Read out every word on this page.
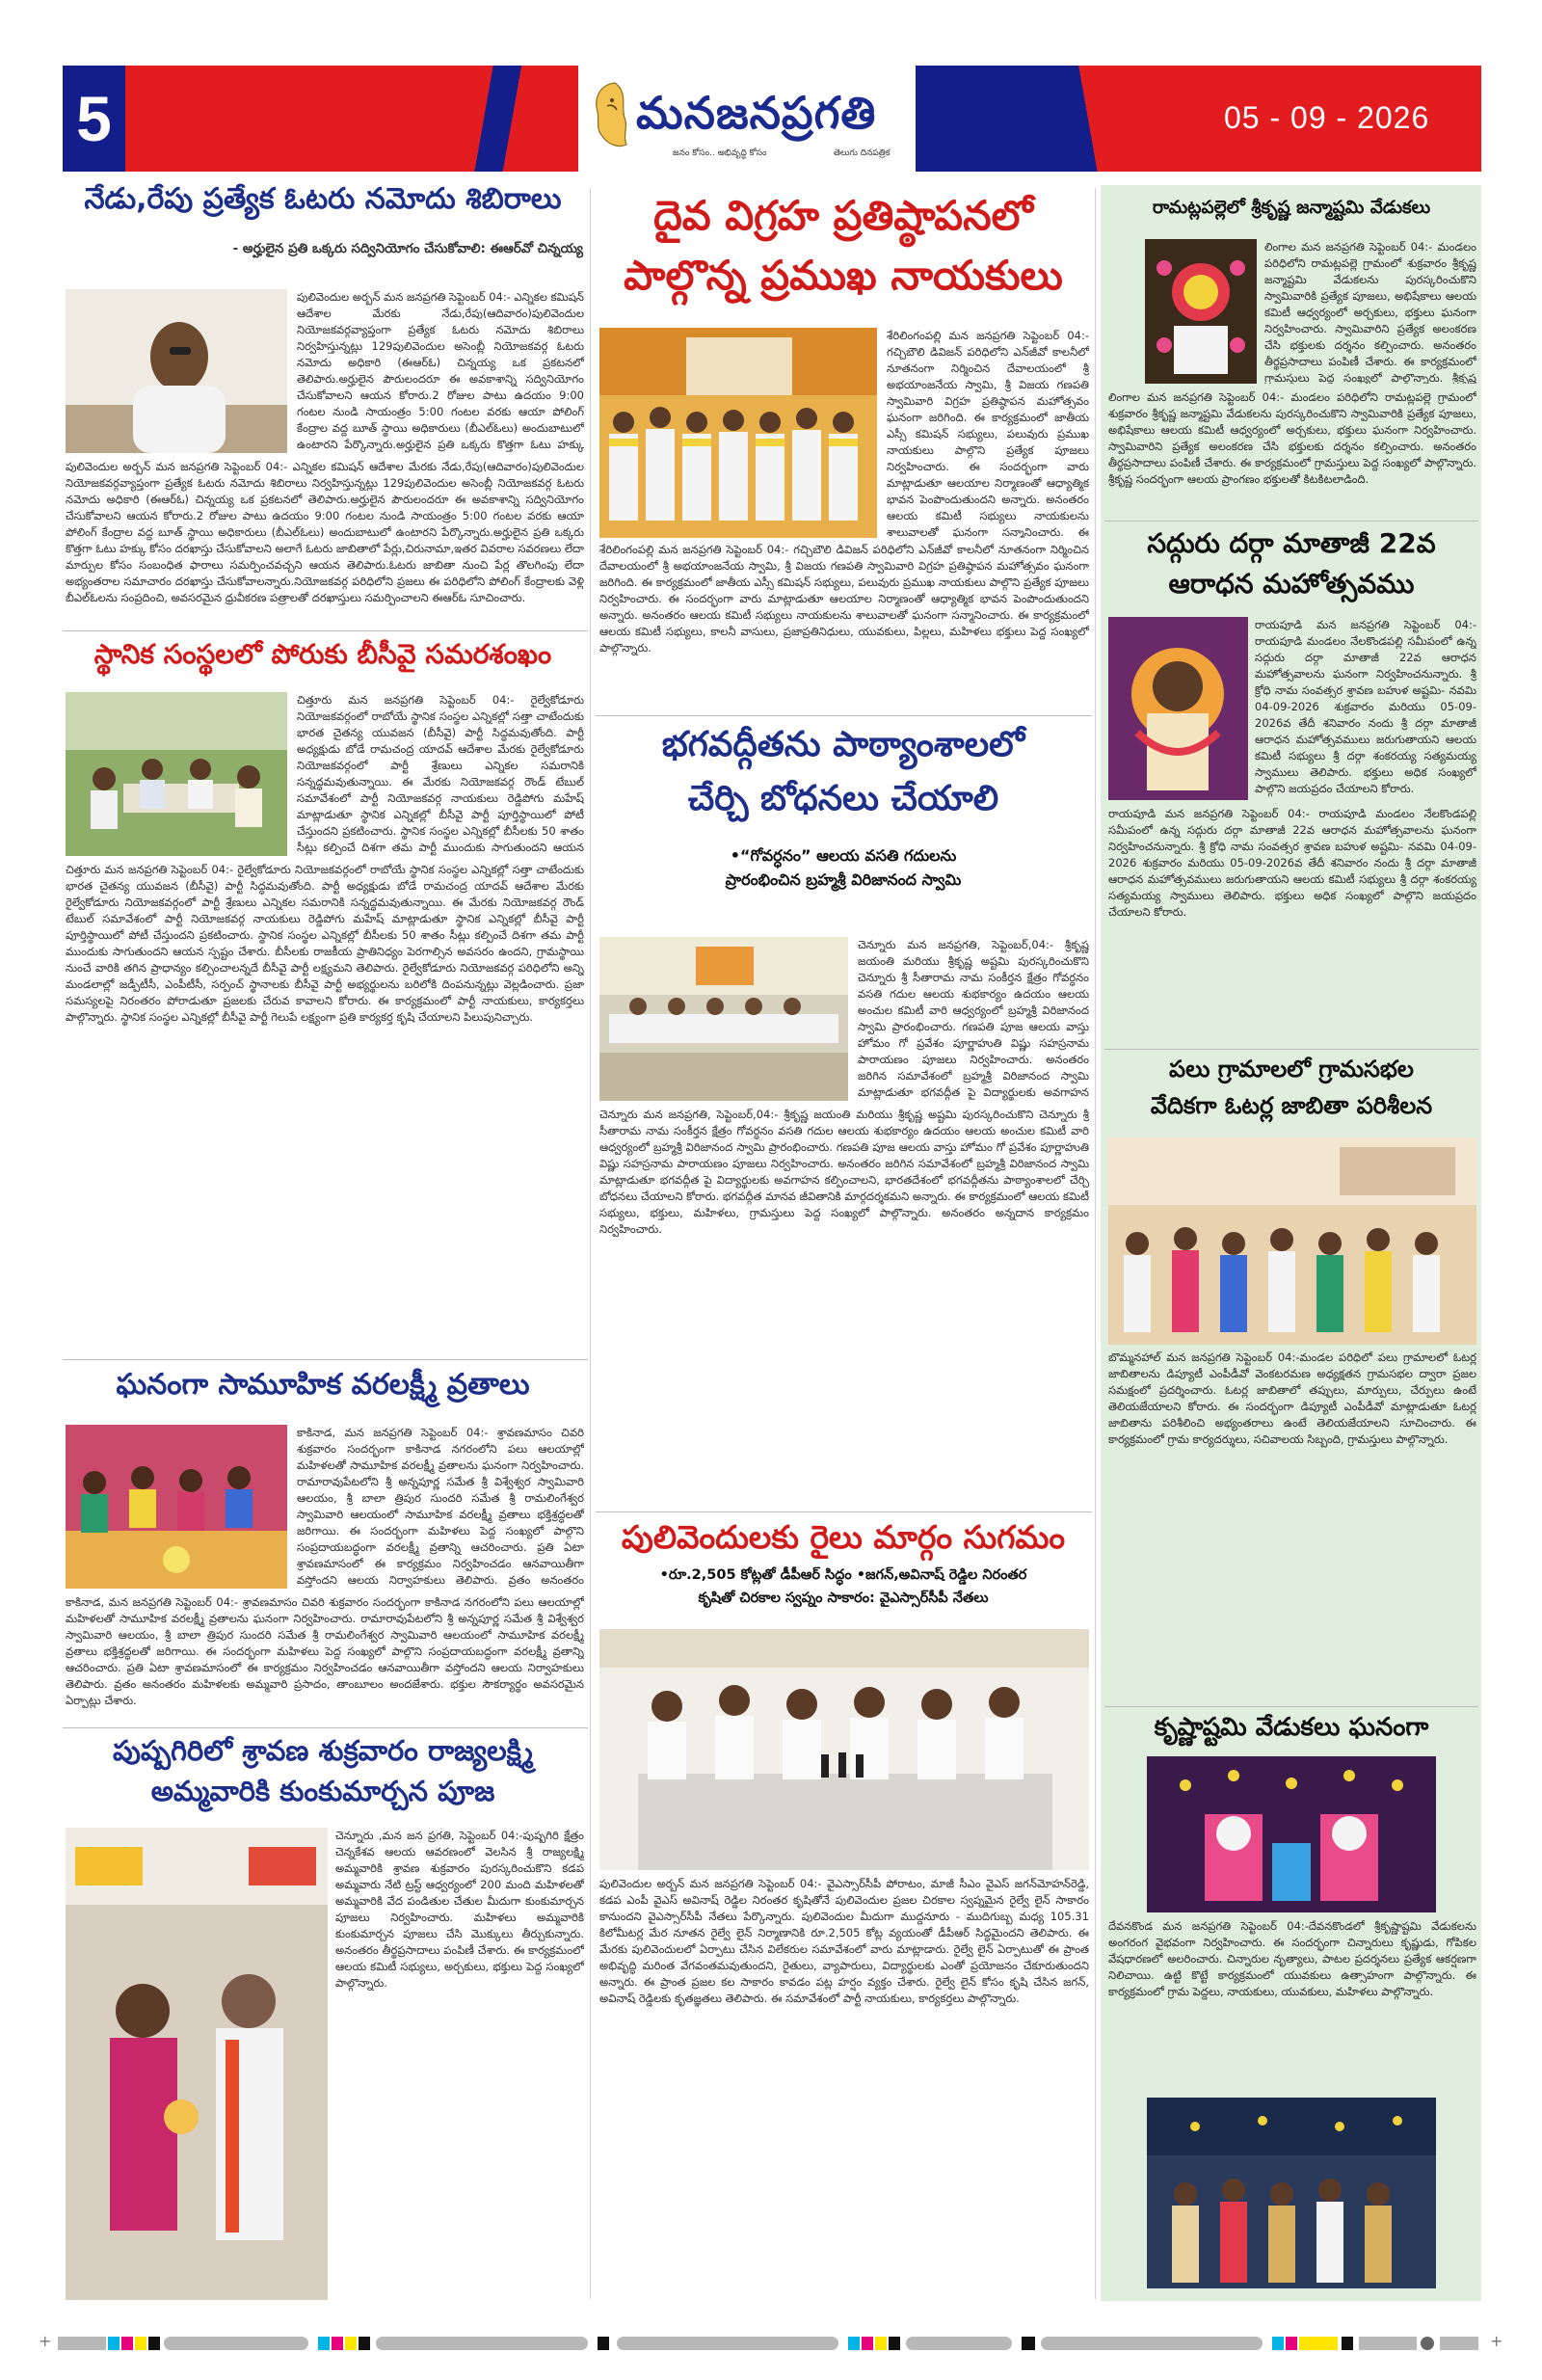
5	మనజనప్రగతి
జనం కోసం.. అభివృద్ధి కోసం	తెలుగు దినపత్రిక
05 - 09 - 2026
నేడు,రేపు ప్రత్యేక ఓటరు నమోదు శిబిరాలు
- అర్హులైన ప్రతి ఒక్కరు సద్వినియోగం చేసుకోవాలి: ఈఆర్‌వో చిన్నయ్య
పులివెందుల అర్బన్ మన జనప్రగతి సెప్టెంబర్ 04:- ఎన్నికల కమిషన్ ఆదేశాల మేరకు నేడు,రేపు(ఆదివారం)పులివెందుల నియోజకవర్గవ్యాప్తంగా ప్రత్యేక ఓటరు నమోదు శిబిరాలు నిర్వహిస్తున్నట్లు 129పులివెందుల అసెంబ్లీ నియోజకవర్గ ఓటరు నమోదు అధికారి (ఈఆర్‌ఓ) చిన్నయ్య ఒక ప్రకటనలో తెలిపారు.అర్హులైన పౌరులందరూ ఈ అవకాశాన్ని సద్వినియోగం చేసుకోవాలని ఆయన కోరారు.2 రోజుల పాటు ఉదయం 9:00 గంటల నుండి సాయంత్రం 5:00 గంటల వరకు ఆయా పోలింగ్ కేంద్రాల వద్ద బూత్ స్థాయి అధికారులు (బీఎల్‌ఓలు) అందుబాటులో ఉంటారని పేర్కొన్నారు.అర్హులైన ప్రతి ఒక్కరు కొత్తగా ఓటు హక్కు
పులివెందుల అర్బన్ మన జనప్రగతి సెప్టెంబర్ 04:- ఎన్నికల కమిషన్ ఆదేశాల మేరకు నేడు,రేపు(ఆదివారం)పులివెందుల నియోజకవర్గవ్యాప్తంగా ప్రత్యేక ఓటరు నమోదు శిబిరాలు నిర్వహిస్తున్నట్లు 129పులివెందుల అసెంబ్లీ నియోజకవర్గ ఓటరు నమోదు అధికారి (ఈఆర్‌ఓ) చిన్నయ్య ఒక ప్రకటనలో తెలిపారు.అర్హులైన పౌరులందరూ ఈ అవకాశాన్ని సద్వినియోగం చేసుకోవాలని ఆయన కోరారు.2 రోజుల పాటు ఉదయం 9:00 గంటల నుండి సాయంత్రం 5:00 గంటల వరకు ఆయా పోలింగ్ కేంద్రాల వద్ద బూత్ స్థాయి అధికారులు (బీఎల్‌ఓలు) అందుబాటులో ఉంటారని పేర్కొన్నారు.అర్హులైన ప్రతి ఒక్కరు కొత్తగా ఓటు హక్కు కోసం దరఖాస్తు చేసుకోవాలని అలాగే ఓటరు జాబితాలో పేర్లు,చిరునామా,ఇతర వివరాల సవరణలు లేదా మార్పుల కోసం సంబంధిత ఫారాలు సమర్పించవచ్చని ఆయన తెలిపారు.ఓటరు జాబితా నుంచి పేర్ల తొలగింపు లేదా అభ్యంతరాల సమాచారం దరఖాస్తు చేసుకోవాలన్నారు.నియోజకవర్గ పరిధిలోని ప్రజలు ఈ పరిధిలోని పోలింగ్ కేంద్రాలకు వెళ్లి బీఎల్‌ఓలను సంప్రదించి, అవసరమైన ధ్రువీకరణ పత్రాలతో దరఖాస్తులు సమర్పించాలని ఈఆర్‌ఓ సూచించారు.
స్థానిక సంస్థలలో పోరుకు బీసీవై సమరశంఖం
చిత్తూరు మన జనప్రగతి సెప్టెంబర్ 04:- రైల్వేకోడూరు నియోజకవర్గంలో రాబోయే స్థానిక సంస్థల ఎన్నికల్లో సత్తా చాటేందుకు భారత చైతన్య యువజన (బీసీవై) పార్టీ సిద్ధమవుతోంది. పార్టీ అధ్యక్షుడు బోడే రామచంద్ర యాదవ్ ఆదేశాల మేరకు రైల్వేకోడూరు నియోజకవర్గంలో పార్టీ శ్రేణులు ఎన్నికల సమరానికి సన్నద్ధమవుతున్నాయి. ఈ మేరకు నియోజకవర్గ రౌండ్ టేబుల్ సమావేశంలో పార్టీ నియోజకవర్గ నాయకులు రెడ్డిపోగు మహేష్ మాట్లాడుతూ స్థానిక ఎన్నికల్లో బీసీవై పార్టీ పూర్తిస్థాయిలో పోటీ చేస్తుందని ప్రకటించారు. స్థానిక సంస్థల ఎన్నికల్లో బీసీలకు 50 శాతం సీట్లు కల్పించే దిశగా తమ పార్టీ ముందుకు సాగుతుందని ఆయన
చిత్తూరు మన జనప్రగతి సెప్టెంబర్ 04:- రైల్వేకోడూరు నియోజకవర్గంలో రాబోయే స్థానిక సంస్థల ఎన్నికల్లో సత్తా చాటేందుకు భారత చైతన్య యువజన (బీసీవై) పార్టీ సిద్ధమవుతోంది. పార్టీ అధ్యక్షుడు బోడే రామచంద్ర యాదవ్ ఆదేశాల మేరకు రైల్వేకోడూరు నియోజకవర్గంలో పార్టీ శ్రేణులు ఎన్నికల సమరానికి సన్నద్ధమవుతున్నాయి. ఈ మేరకు నియోజకవర్గ రౌండ్ టేబుల్ సమావేశంలో పార్టీ నియోజకవర్గ నాయకులు రెడ్డిపోగు మహేష్ మాట్లాడుతూ స్థానిక ఎన్నికల్లో బీసీవై పార్టీ పూర్తిస్థాయిలో పోటీ చేస్తుందని ప్రకటించారు. స్థానిక సంస్థల ఎన్నికల్లో బీసీలకు 50 శాతం సీట్లు కల్పించే దిశగా తమ పార్టీ ముందుకు సాగుతుందని ఆయన స్పష్టం చేశారు. బీసీలకు రాజకీయ ప్రాతినిధ్యం పెరగాల్సిన అవసరం ఉందని, గ్రామస్థాయి నుంచే వారికి తగిన ప్రాధాన్యం కల్పించాలన్నదే బీసీవై పార్టీ లక్ష్యమని తెలిపారు. రైల్వేకోడూరు నియోజకవర్గ పరిధిలోని అన్ని మండలాల్లో జడ్పీటీసీ, ఎంపీటీసీ, సర్పంచ్ స్థానాలకు బీసీవై పార్టీ అభ్యర్థులను బరిలోకి దింపనున్నట్లు వెల్లడించారు. ప్రజా సమస్యలపై నిరంతరం పోరాడుతూ ప్రజలకు చేరువ కావాలని కోరారు. ఈ కార్యక్రమంలో పార్టీ నాయకులు, కార్యకర్తలు పాల్గొన్నారు. స్థానిక సంస్థల ఎన్నికల్లో బీసీవై పార్టీ గెలుపే లక్ష్యంగా ప్రతి కార్యకర్త కృషి చేయాలని పిలుపునిచ్చారు.
ఘనంగా సామూహిక వరలక్ష్మీ వ్రతాలు
కాకినాడ, మన జనప్రగతి సెప్టెంబర్ 04:- శ్రావణమాసం చివరి శుక్రవారం సందర్భంగా కాకినాడ నగరంలోని పలు ఆలయాల్లో మహిళలతో సామూహిక వరలక్ష్మీ వ్రతాలను ఘనంగా నిర్వహించారు. రామారావుపేటలోని శ్రీ అన్నపూర్ణ సమేత శ్రీ విశ్వేశ్వర స్వామివారి ఆలయం, శ్రీ బాలా త్రిపుర సుందరి సమేత శ్రీ రామలింగేశ్వర స్వామివారి ఆలయంలో సామూహిక వరలక్ష్మీ వ్రతాలు భక్తిశ్రద్ధలతో జరిగాయి. ఈ సందర్భంగా మహిళలు పెద్ద సంఖ్యలో పాల్గొని సంప్రదాయబద్ధంగా వరలక్ష్మీ వ్రతాన్ని ఆచరించారు. ప్రతి ఏటా శ్రావణమాసంలో ఈ కార్యక్రమం నిర్వహించడం ఆనవాయితీగా వస్తోందని ఆలయ నిర్వాహకులు తెలిపారు. వ్రతం అనంతరం
కాకినాడ, మన జనప్రగతి సెప్టెంబర్ 04:- శ్రావణమాసం చివరి శుక్రవారం సందర్భంగా కాకినాడ నగరంలోని పలు ఆలయాల్లో మహిళలతో సామూహిక వరలక్ష్మీ వ్రతాలను ఘనంగా నిర్వహించారు. రామారావుపేటలోని శ్రీ అన్నపూర్ణ సమేత శ్రీ విశ్వేశ్వర స్వామివారి ఆలయం, శ్రీ బాలా త్రిపుర సుందరి సమేత శ్రీ రామలింగేశ్వర స్వామివారి ఆలయంలో సామూహిక వరలక్ష్మీ వ్రతాలు భక్తిశ్రద్ధలతో జరిగాయి. ఈ సందర్భంగా మహిళలు పెద్ద సంఖ్యలో పాల్గొని సంప్రదాయబద్ధంగా వరలక్ష్మీ వ్రతాన్ని ఆచరించారు. ప్రతి ఏటా శ్రావణమాసంలో ఈ కార్యక్రమం నిర్వహించడం ఆనవాయితీగా వస్తోందని ఆలయ నిర్వాహకులు తెలిపారు. వ్రతం అనంతరం మహిళలకు అమ్మవారి ప్రసాదం, తాంబూలం అందజేశారు. భక్తుల సౌకర్యార్థం అవసరమైన ఏర్పాట్లు చేశారు.
పుష్పగిరిలో శ్రావణ శుక్రవారం రాజ్యలక్ష్మి
అమ్మవారికి కుంకుమార్చన పూజ
చెన్నూరు ,మన జన ప్రగతి, సెప్టెంబర్ 04:-పుష్పగిరి క్షేత్రం చెన్నకేశవ ఆలయ ఆవరణంలో వెలసిన శ్రీ రాజ్యలక్ష్మి అమ్మవారికి శ్రావణ శుక్రవారం పురస్కరించుకొని కడప అమ్మవారు నేటి ట్రస్ట్ ఆధ్వర్యంలో 200 మంది మహిళలతో అమ్మవారికి వేద పండితుల చేతుల మీదుగా కుంకుమార్చన పూజలు నిర్వహించారు. మహిళలు అమ్మవారికి కుంకుమార్చన పూజలు చేసి మొక్కులు తీర్చుకున్నారు. అనంతరం తీర్థప్రసాదాలు పంపిణీ చేశారు. ఈ కార్యక్రమంలో ఆలయ కమిటీ సభ్యులు, అర్చకులు, భక్తులు పెద్ద సంఖ్యలో పాల్గొన్నారు.
దైవ విగ్రహ ప్రతిష్ఠాపనలో
పాల్గొన్న ప్రముఖ నాయకులు
శేరిలింగంపల్లి మన జనప్రగతి సెప్టెంబర్ 04:- గచ్చిబౌలి డివిజన్ పరిధిలోని ఎన్‌జీవో కాలనీలో నూతనంగా నిర్మించిన దేవాలయంలో శ్రీ అభయాంజనేయ స్వామి, శ్రీ విజయ గణపతి స్వామివారి విగ్రహ ప్రతిష్ఠాపన మహోత్సవం ఘనంగా జరిగింది. ఈ కార్యక్రమంలో జాతీయ ఎస్సీ కమిషన్ సభ్యులు, పలువురు ప్రముఖ నాయకులు పాల్గొని ప్రత్యేక పూజలు నిర్వహించారు. ఈ సందర్భంగా వారు మాట్లాడుతూ ఆలయాల నిర్మాణంతో ఆధ్యాత్మిక భావన పెంపొందుతుందని అన్నారు. అనంతరం ఆలయ కమిటీ సభ్యులు నాయకులను శాలువాలతో ఘనంగా సన్మానించారు. ఈ
శేరిలింగంపల్లి మన జనప్రగతి సెప్టెంబర్ 04:- గచ్చిబౌలి డివిజన్ పరిధిలోని ఎన్‌జీవో కాలనీలో నూతనంగా నిర్మించిన దేవాలయంలో శ్రీ అభయాంజనేయ స్వామి, శ్రీ విజయ గణపతి స్వామివారి విగ్రహ ప్రతిష్ఠాపన మహోత్సవం ఘనంగా జరిగింది. ఈ కార్యక్రమంలో జాతీయ ఎస్సీ కమిషన్ సభ్యులు, పలువురు ప్రముఖ నాయకులు పాల్గొని ప్రత్యేక పూజలు నిర్వహించారు. ఈ సందర్భంగా వారు మాట్లాడుతూ ఆలయాల నిర్మాణంతో ఆధ్యాత్మిక భావన పెంపొందుతుందని అన్నారు. అనంతరం ఆలయ కమిటీ సభ్యులు నాయకులను శాలువాలతో ఘనంగా సన్మానించారు. ఈ కార్యక్రమంలో ఆలయ కమిటీ సభ్యులు, కాలనీ వాసులు, ప్రజాప్రతినిధులు, యువకులు, పిల్లలు, మహిళలు భక్తులు పెద్ద సంఖ్యలో పాల్గొన్నారు.
భగవద్గీతను పాఠ్యాంశాలలో
చేర్చి బోధనలు చేయాలి
•“గోవర్ధనం” ఆలయ వసతి గదులను
ప్రారంభించిన బ్రహ్మశ్రీ విరిజానంద స్వామి
చెన్నూరు మన జనప్రగతి, సెప్టెంబర్,04:- శ్రీకృష్ణ జయంతి మరియు శ్రీకృష్ణ అష్టమి పురస్కరించుకొని చెన్నూరు శ్రీ సీతారామ నామ సంకీర్తన క్షేత్రం గోవర్ధనం వసతి గదుల ఆలయ శుభకార్యం ఉదయం ఆలయ అంచుల కమిటీ వారి ఆధ్వర్యంలో బ్రహ్మశ్రీ విరిజానంద స్వామి ప్రారంభించారు. గణపతి పూజ ఆలయ వాస్తు హోమం గో ప్రవేశం పూర్ణాహుతి విష్ణు సహస్రనామ పారాయణం పూజలు నిర్వహించారు. అనంతరం జరిగిన సమావేశంలో బ్రహ్మశ్రీ విరిజానంద స్వామి మాట్లాడుతూ భగవద్గీత పై విద్యార్థులకు అవగాహన
చెన్నూరు మన జనప్రగతి, సెప్టెంబర్,04:- శ్రీకృష్ణ జయంతి మరియు శ్రీకృష్ణ అష్టమి పురస్కరించుకొని చెన్నూరు శ్రీ సీతారామ నామ సంకీర్తన క్షేత్రం గోవర్ధనం వసతి గదుల ఆలయ శుభకార్యం ఉదయం ఆలయ అంచుల కమిటీ వారి ఆధ్వర్యంలో బ్రహ్మశ్రీ విరిజానంద స్వామి ప్రారంభించారు. గణపతి పూజ ఆలయ వాస్తు హోమం గో ప్రవేశం పూర్ణాహుతి విష్ణు సహస్రనామ పారాయణం పూజలు నిర్వహించారు. అనంతరం జరిగిన సమావేశంలో బ్రహ్మశ్రీ విరిజానంద స్వామి మాట్లాడుతూ భగవద్గీత పై విద్యార్థులకు అవగాహన కల్పించాలని, భారతదేశంలో భగవద్గీతను పాఠ్యాంశాలలో చేర్చి బోధనలు చేయాలని కోరారు. భగవద్గీత మానవ జీవితానికి మార్గదర్శకమని అన్నారు. ఈ కార్యక్రమంలో ఆలయ కమిటీ సభ్యులు, భక్తులు, మహిళలు, గ్రామస్తులు పెద్ద సంఖ్యలో పాల్గొన్నారు. అనంతరం అన్నదాన కార్యక్రమం నిర్వహించారు.
పులివెందులకు రైలు మార్గం సుగమం
•రూ.2,505 కోట్లతో డీపీఆర్ సిద్ధం •జగన్,అవినాష్ రెడ్డిల నిరంతర
కృషితో చిరకాల స్వప్నం సాకారం: వైఎస్సార్‌సీపీ నేతలు
పులివెందుల అర్బన్ మన జనప్రగతి సెప్టెంబర్ 04:- వైఎస్సార్‌సీపీ పోరాటం, మాజీ సీఎం వైఎస్ జగన్‌మోహన్‌రెడ్డి, కడప ఎంపీ వైఎస్ అవినాష్ రెడ్డిల నిరంతర కృషితోనే పులివెందుల ప్రజల చిరకాల స్వప్నమైన రైల్వే లైన్ సాకారం కానుందని వైఎస్సార్‌సీపీ నేతలు పేర్కొన్నారు. పులివెందుల మీదుగా ముద్దనూరు - ముదిగుబ్బ మధ్య 105.31 కిలోమీటర్ల మేర నూతన రైల్వే లైన్ నిర్మాణానికి రూ.2,505 కోట్ల వ్యయంతో డీపీఆర్ సిద్ధమైందని తెలిపారు. ఈ మేరకు పులివెందులలో ఏర్పాటు చేసిన విలేకరుల సమావేశంలో వారు మాట్లాడారు. రైల్వే లైన్ ఏర్పాటుతో ఈ ప్రాంత అభివృద్ధి మరింత వేగవంతమవుతుందని, రైతులు, వ్యాపారులు, విద్యార్థులకు ఎంతో ప్రయోజనం చేకూరుతుందని అన్నారు. ఈ ప్రాంత ప్రజల కల సాకారం కావడం పట్ల హర్షం వ్యక్తం చేశారు. రైల్వే లైన్ కోసం కృషి చేసిన జగన్, అవినాష్ రెడ్డిలకు కృతజ్ఞతలు తెలిపారు. ఈ సమావేశంలో పార్టీ నాయకులు, కార్యకర్తలు పాల్గొన్నారు.
రామట్లపల్లెలో శ్రీకృష్ణ జన్మాష్టమి వేడుకలు
లింగాల మన జనప్రగతి సెప్టెంబర్ 04:- మండలం పరిధిలోని రామట్లపల్లె గ్రామంలో శుక్రవారం శ్రీకృష్ణ జన్మాష్టమి వేడుకలను పురస్కరించుకొని స్వామివారికి ప్రత్యేక పూజలు, అభిషేకాలు ఆలయ కమిటీ ఆధ్వర్యంలో అర్చకులు, భక్తులు ఘనంగా నిర్వహించారు. స్వామివారిని ప్రత్యేక అలంకరణ చేసి భక్తులకు దర్శనం కల్పించారు. అనంతరం తీర్థప్రసాదాలు పంపిణీ చేశారు. ఈ కార్యక్రమంలో గ్రామస్తులు పెద్ద సంఖ్యలో పాల్గొన్నారు. శ్రీకృష్ణ
లింగాల మన జనప్రగతి సెప్టెంబర్ 04:- మండలం పరిధిలోని రామట్లపల్లె గ్రామంలో శుక్రవారం శ్రీకృష్ణ జన్మాష్టమి వేడుకలను పురస్కరించుకొని స్వామివారికి ప్రత్యేక పూజలు, అభిషేకాలు ఆలయ కమిటీ ఆధ్వర్యంలో అర్చకులు, భక్తులు ఘనంగా నిర్వహించారు. స్వామివారిని ప్రత్యేక అలంకరణ చేసి భక్తులకు దర్శనం కల్పించారు. అనంతరం తీర్థప్రసాదాలు పంపిణీ చేశారు. ఈ కార్యక్రమంలో గ్రామస్తులు పెద్ద సంఖ్యలో పాల్గొన్నారు. శ్రీకృష్ణ సందర్భంగా ఆలయ ప్రాంగణం భక్తులతో కిటకిటలాడింది.
సద్గురు దర్గా మాతాజీ 22వ
ఆరాధన మహోత్సవము
రాయపూడి మన జనప్రగతి సెప్టెంబర్ 04:- రాయపూడి మండలం నేలకొండపల్లి సమీపంలో ఉన్న సద్గురు దర్గా మాతాజీ 22వ ఆరాధన మహోత్సవాలను ఘనంగా నిర్వహించనున్నారు. శ్రీ క్రోధి నామ సంవత్సర శ్రావణ బహుళ అష్టమి- నవమి 04-09-2026 శుక్రవారం మరియు 05-09-2026వ తేదీ శనివారం నందు శ్రీ దర్గా మాతాజీ ఆరాధన మహోత్సవములు జరుగుతాయని ఆలయ కమిటీ సభ్యులు శ్రీ దర్గా శంకరయ్య సత్యమయ్య స్వాములు తెలిపారు. భక్తులు అధిక సంఖ్యలో పాల్గొని జయప్రదం చేయాలని కోరారు.
రాయపూడి మన జనప్రగతి సెప్టెంబర్ 04:- రాయపూడి మండలం నేలకొండపల్లి సమీపంలో ఉన్న సద్గురు దర్గా మాతాజీ 22వ ఆరాధన మహోత్సవాలను ఘనంగా నిర్వహించనున్నారు. శ్రీ క్రోధి నామ సంవత్సర శ్రావణ బహుళ అష్టమి- నవమి 04-09-2026 శుక్రవారం మరియు 05-09-2026వ తేదీ శనివారం నందు శ్రీ దర్గా మాతాజీ ఆరాధన మహోత్సవములు జరుగుతాయని ఆలయ కమిటీ సభ్యులు శ్రీ దర్గా శంకరయ్య సత్యమయ్య స్వాములు తెలిపారు. భక్తులు అధిక సంఖ్యలో పాల్గొని జయప్రదం చేయాలని కోరారు.
పలు గ్రామాలలో గ్రామసభల
వేదికగా ఓటర్ల జాబితా పరిశీలన
బొమ్మనహాల్ మన జనప్రగతి సెప్టెంబర్ 04:-మండల పరిధిలో పలు గ్రామాలలో ఓటర్ల జాబితాలను డిప్యూటీ ఎంపీడీవో వెంకటరమణ అధ్యక్షతన గ్రామసభల ద్వారా ప్రజల సమక్షంలో ప్రదర్శించారు. ఓటర్ల జాబితాలో తప్పులు, మార్పులు, చేర్పులు ఉంటే తెలియజేయాలని కోరారు. ఈ సందర్భంగా డిప్యూటీ ఎంపీడీవో మాట్లాడుతూ ఓటర్ల జాబితాను పరిశీలించి అభ్యంతరాలు ఉంటే తెలియజేయాలని సూచించారు. ఈ కార్యక్రమంలో గ్రామ కార్యదర్శులు, సచివాలయ సిబ్బంది, గ్రామస్తులు పాల్గొన్నారు.
కృష్ణాష్టమి వేడుకలు ఘనంగా
దేవనకొండ మన జనప్రగతి సెప్టెంబర్ 04:-దేవనకొండలో శ్రీకృష్ణాష్టమి వేడుకలను అంగరంగ వైభవంగా నిర్వహించారు. ఈ సందర్భంగా చిన్నారులు కృష్ణుడు, గోపికల వేషధారణలో అలరించారు. చిన్నారుల నృత్యాలు, పాటల ప్రదర్శనలు ప్రత్యేక ఆకర్షణగా నిలిచాయి. ఉట్టి కొట్టే కార్యక్రమంలో యువకులు ఉత్సాహంగా పాల్గొన్నారు. ఈ కార్యక్రమంలో గ్రామ పెద్దలు, నాయకులు, యువకులు, మహిళలు పాల్గొన్నారు.
+	+
